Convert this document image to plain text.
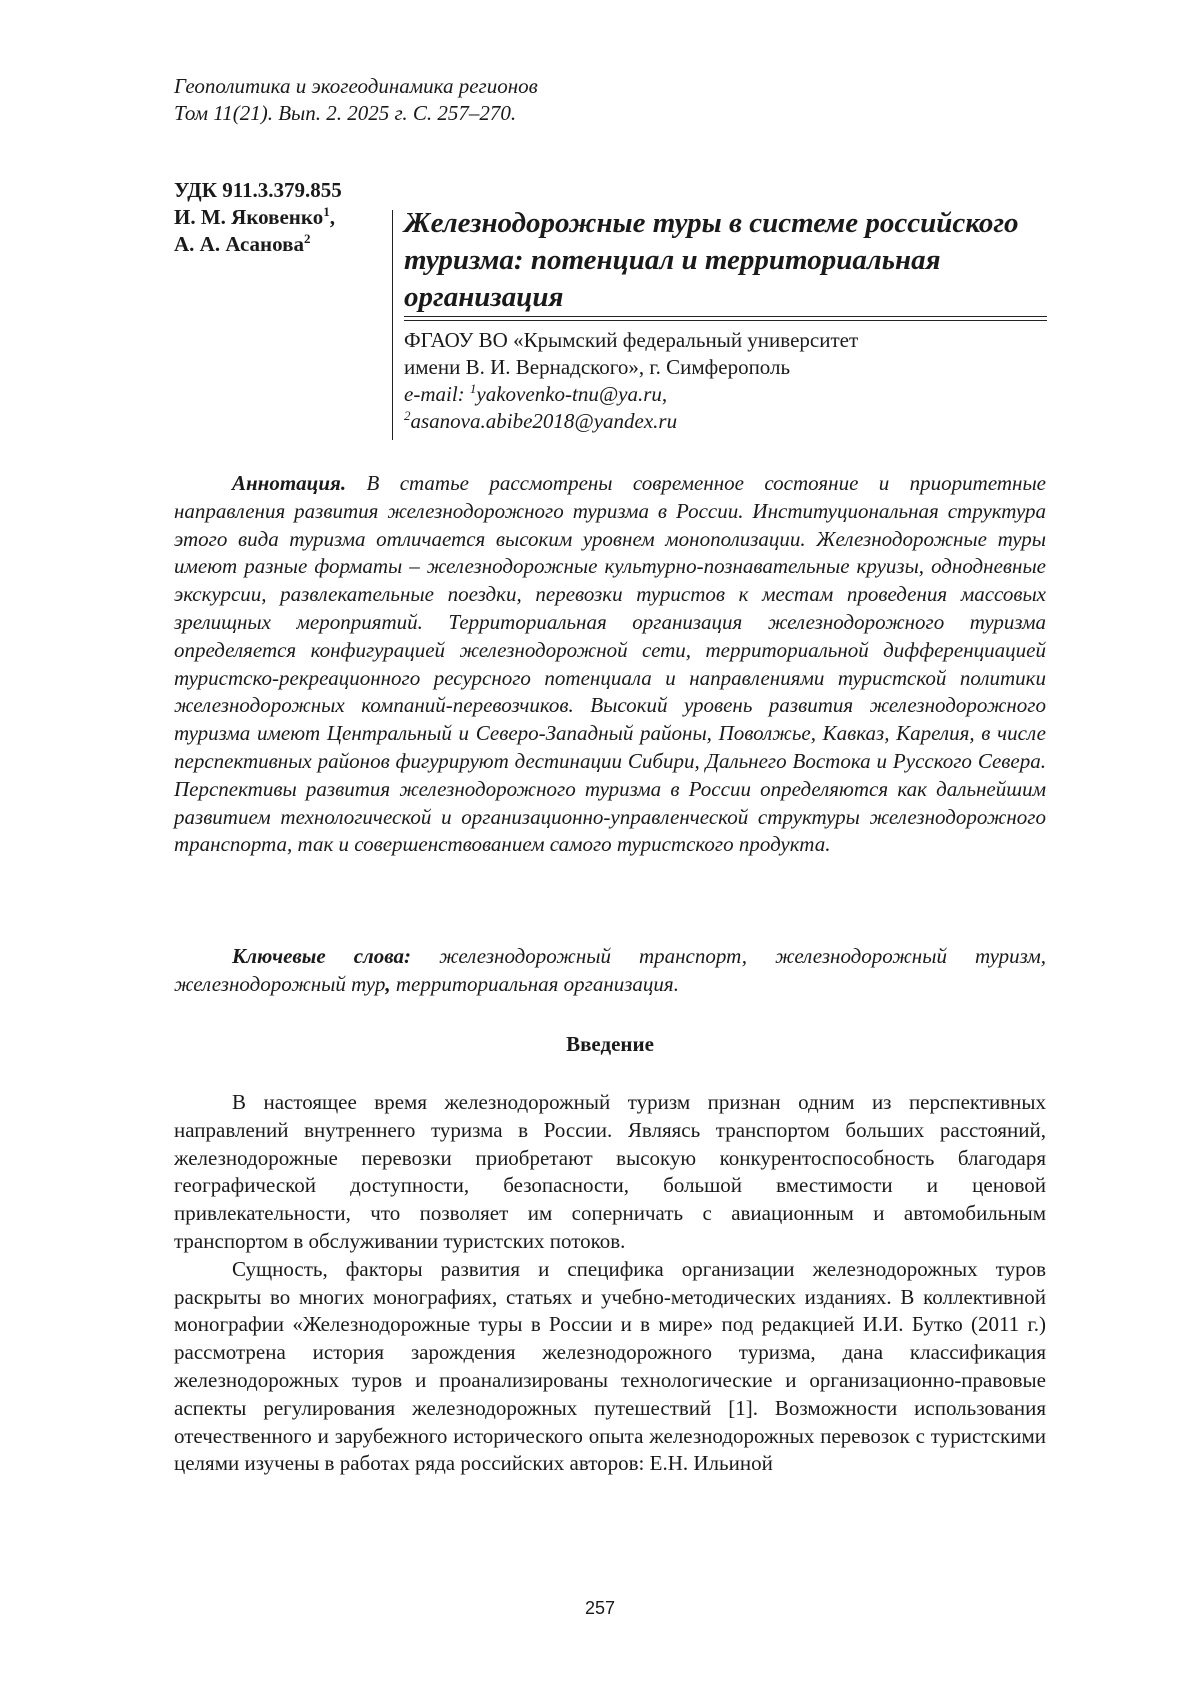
Геополитика и экогеодинамика регионов
Том 11(21). Вып. 2. 2025 г. С. 257–270.
УДК 911.3.379.855
И. М. Яковенко$^1$,
А. А. Асанова$^2$	Железнодорожные туры в системе российского туризма: потенциал и территориальная организация
ФГАОУ ВО «Крымский федеральный университет
имени В. И. Вернадского», г. Симферополь
e-mail: $^1$yakovenko-tnu@ya.ru,
$^2$asanova.abibe2018@yandex.ru

Аннотация. В статье рассмотрены современное состояние и приоритетные направления развития железнодорожного туризма в России. Институциональная структура этого вида туризма отличается высоким уровнем монополизации. Железнодорожные туры имеют разные форматы – железнодорожные культурно-познавательные круизы, однодневные экскурсии, развлекательные поездки, перевозки туристов к местам проведения массовых зрелищных мероприятий. Территориальная организация железнодорожного туризма определяется конфигурацией железнодорожной сети, территориальной дифференциацией туристско-рекреационного ресурсного потенциала и направлениями туристской политики железнодорожных компаний-перевозчиков. Высокий уровень развития железнодорожного туризма имеют Центральный и Северо-Западный районы, Поволжье, Кавказ, Карелия, в числе перспективных районов фигурируют дестинации Сибири, Дальнего Востока и Русского Севера. Перспективы развития железнодорожного туризма в России определяются как дальнейшим развитием технологической и организационно-управленческой структуры железнодорожного транспорта, так и совершенствованием самого туристского продукта.

Ключевые слова: железнодорожный транспорт, железнодорожный туризм, железнодорожный тур, территориальная организация.

Введение

В настоящее время железнодорожный туризм признан одним из перспективных направлений внутреннего туризма в России. Являясь транспортом больших расстояний, железнодорожные перевозки приобретают высокую конкурентоспособность благодаря географической доступности, безопасности, большой вместимости и ценовой привлекательности, что позволяет им соперничать с авиационным и автомобильным транспортом в обслуживании туристских потоков.

Сущность, факторы развития и специфика организации железнодорожных туров раскрыты во многих монографиях, статьях и учебно-методических изданиях. В коллективной монографии «Железнодорожные туры в России и в мире» под редакцией И.И. Бутко (2011 г.) рассмотрена история зарождения железнодорожного туризма, дана классификация железнодорожных туров и проанализированы технологические и организационно-правовые аспекты регулирования железнодорожных путешествий [1]. Возможности использования отечественного и зарубежного исторического опыта железнодорожных перевозок с туристскими целями изучены в работах ряда российских авторов: Е.Н. Ильиной

257
